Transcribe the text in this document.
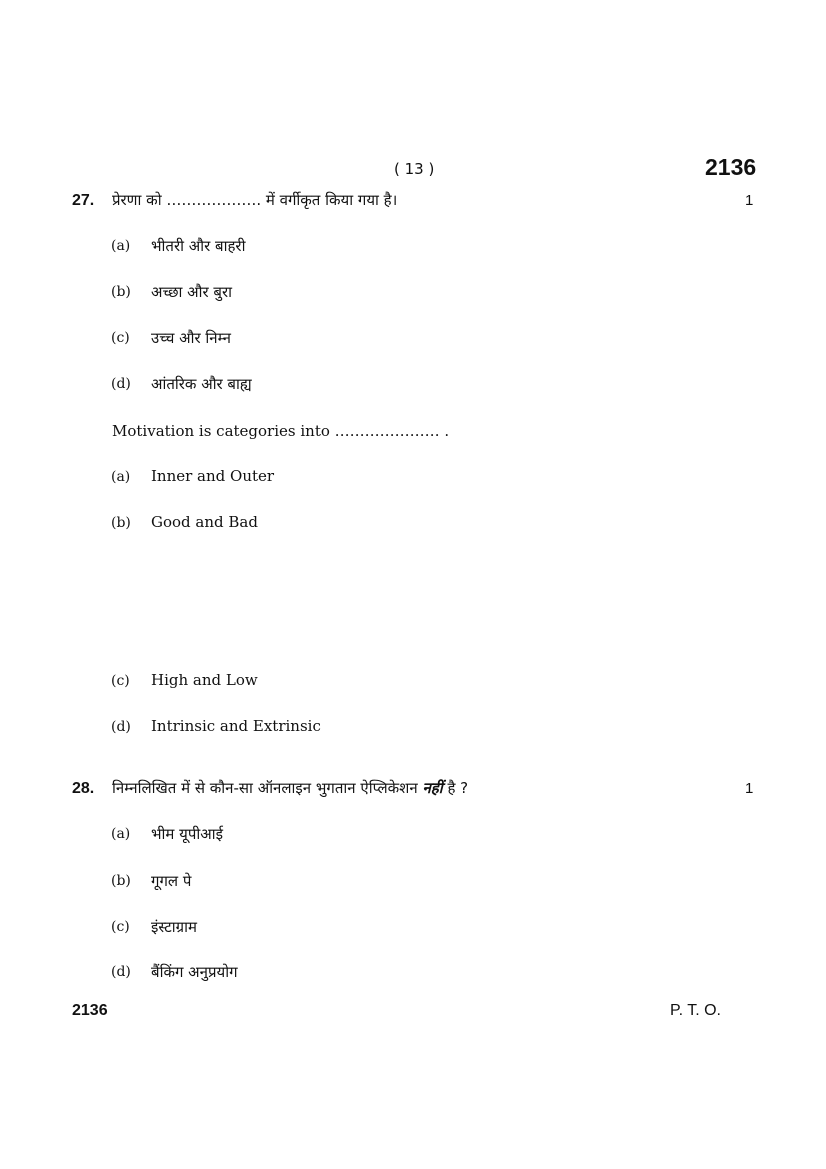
( 13 )	2136
27. प्रेरणा को ………………. में वर्गीकृत किया गया है।	1
(a) भीतरी और बाहरी
(b) अच्छा और बुरा
(c) उच्च और निम्न
(d) आंतरिक और बाह्य
Motivation is categories into ………………… .
(a) Inner and Outer
(b) Good and Bad
(c) High and Low
(d) Intrinsic and Extrinsic
28. निम्नलिखित में से कौन-सा ऑनलाइन भुगतान ऐप्लिकेशन नहीं है ?	1
(a) भीम यूपीआई
(b) गूगल पे
(c) इंस्टाग्राम
(d) बैंकिंग अनुप्रयोग
2136	P. T. O.
